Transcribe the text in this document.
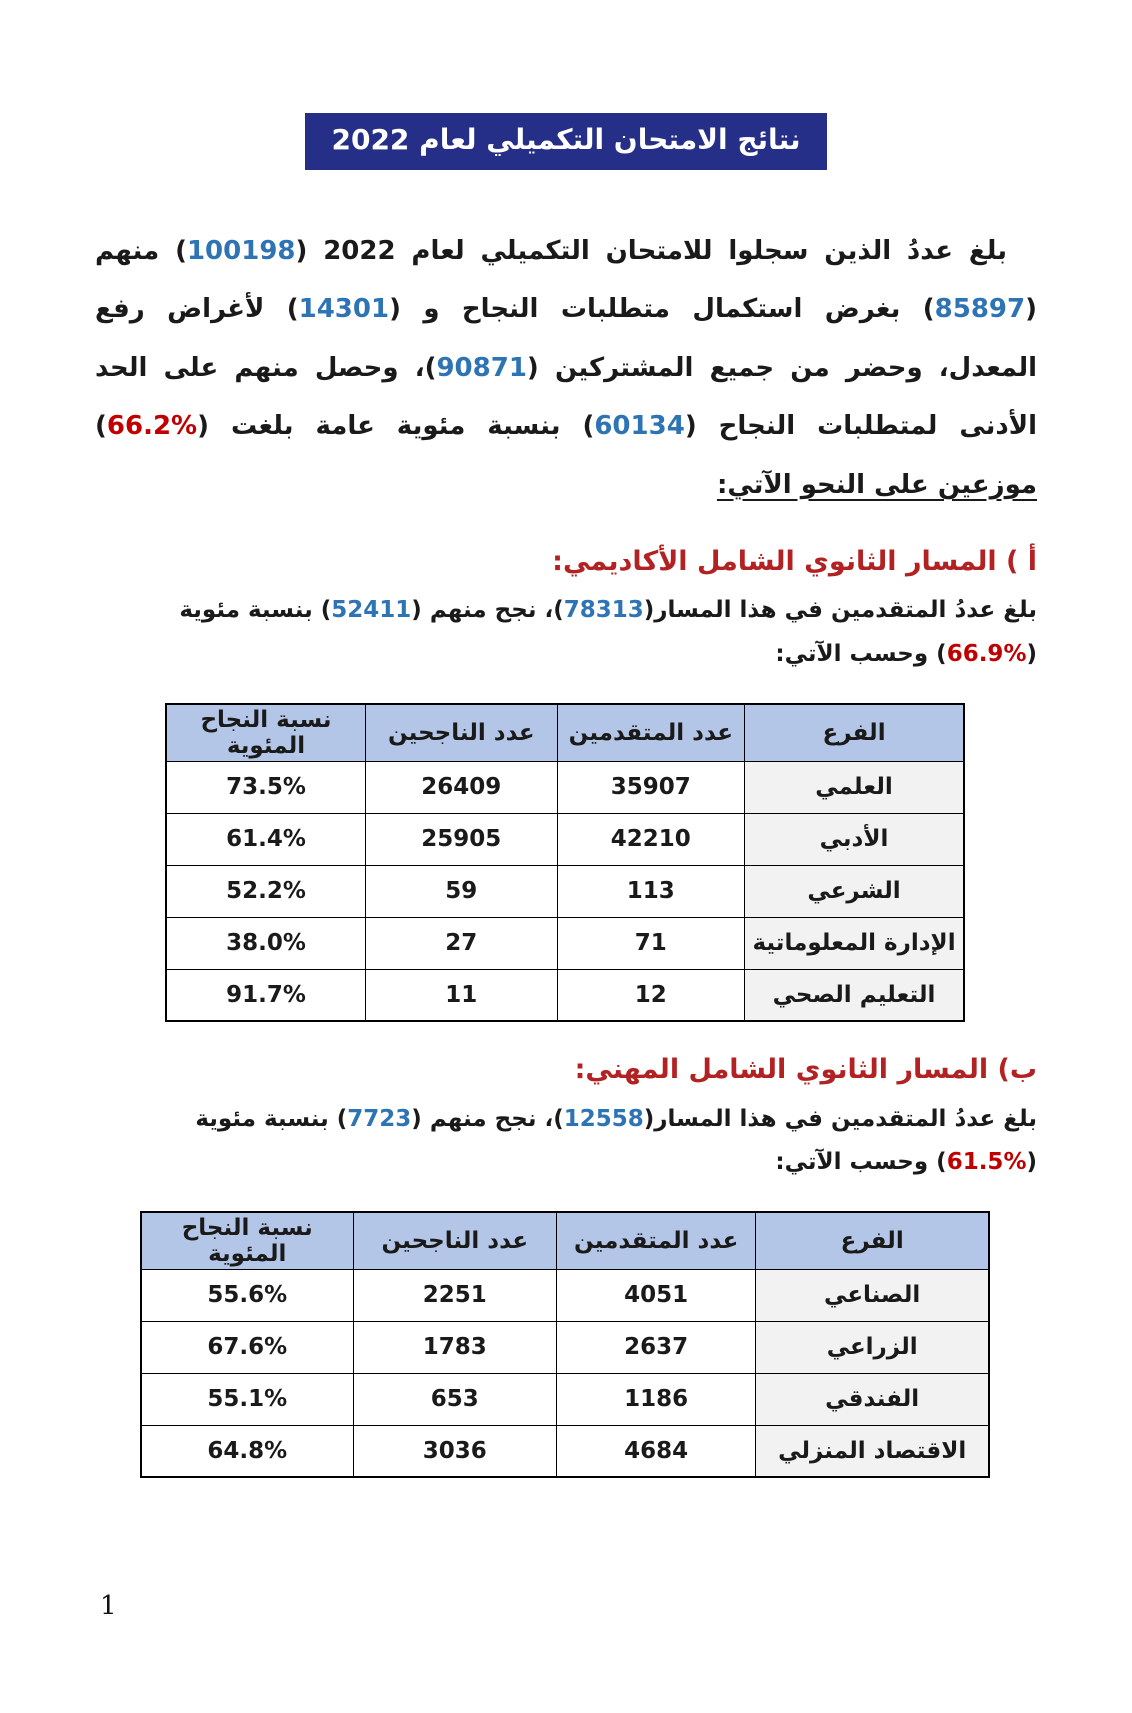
نتائج الامتحان التكميلي لعام 2022

بلغ عددُ الذين سجلوا للامتحان التكميلي لعام 2022 (100198) منهم (85897) بغرض استكمال متطلبات النجاح و (14301) لأغراض رفع المعدل، وحضر من جميع المشتركين (90871)، وحصل منهم على الحد الأدنى لمتطلبات النجاح (60134) بنسبة مئوية عامة بلغت (%66.2) موزعين على النحو الآتي:

أ ) المسار الثانوي الشامل الأكاديمي:

بلغ عددُ المتقدمين في هذا المسار(78313)، نجح منهم (52411) بنسبة مئوية (%66.9) وحسب الآتي:

الفرع	عدد المتقدمين	عدد الناجحين	نسبة النجاح المئوية
العلمي	35907	26409	73.5%
الأدبي	42210	25905	61.4%
الشرعي	113	59	52.2%
الإدارة المعلوماتية	71	27	38.0%
التعليم الصحي	12	11	91.7%
ب) المسار الثانوي الشامل المهني:

بلغ عددُ المتقدمين في هذا المسار(12558)، نجح منهم (7723) بنسبة مئوية (%61.5) وحسب الآتي:

الفرع	عدد المتقدمين	عدد الناجحين	نسبة النجاح المئوية
الصناعي	4051	2251	55.6%
الزراعي	2637	1783	67.6%
الفندقي	1186	653	55.1%
الاقتصاد المنزلي	4684	3036	64.8%
1
